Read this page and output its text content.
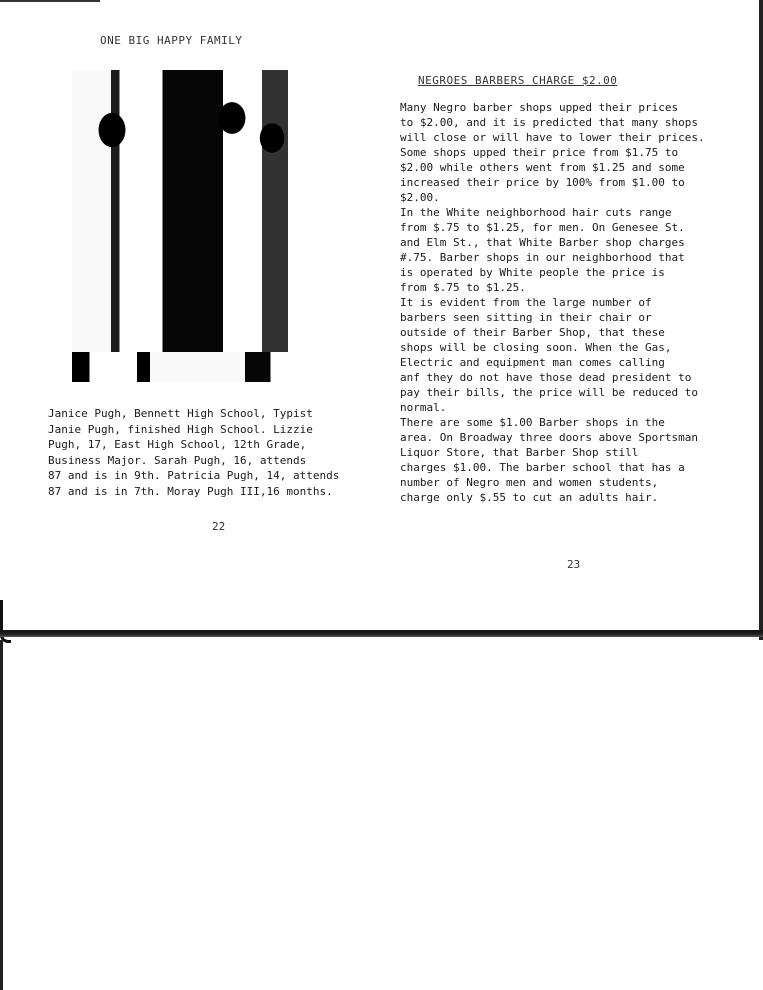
ONE BIG HAPPY FAMILY

Janice Pugh, Bennett High School, Typist
Janie Pugh, finished High School. Lizzie
Pugh, 17, East High School, 12th Grade,
Business Major. Sarah Pugh, 16, attends
87 and is in 9th. Patricia Pugh, 14, attends
87 and is in 7th. Moray Pugh III,16 months.

22
NEGROES BARBERS CHARGE $2.00

Many Negro barber shops upped their prices
to $2.00, and it is predicted that many shops
will close or will have to lower their prices.
Some shops upped their price from $1.75 to
$2.00 while others went from $1.25 and some
increased their price by 100% from $1.00 to
$2.00.

In the White neighborhood hair cuts range
from $.75 to $1.25, for men. On Genesee St.
and Elm St., that White Barber shop charges
#.75. Barber shops in our neighborhood that
is operated by White people the price is
from $.75 to $1.25.

It is evident from the large number of
barbers seen sitting in their chair or
outside of their Barber Shop, that these
shops will be closing soon. When the Gas,
Electric and equipment man comes calling
anf they do not have those dead president to
pay their bills, the price will be reduced to
normal.

There are some $1.00 Barber shops in the
area. On Broadway three doors above Sportsman
Liquor Store, that Barber Shop still
charges $1.00. The barber school that has a
number of Negro men and women students,
charge only $.55 to cut an adults hair.

23
